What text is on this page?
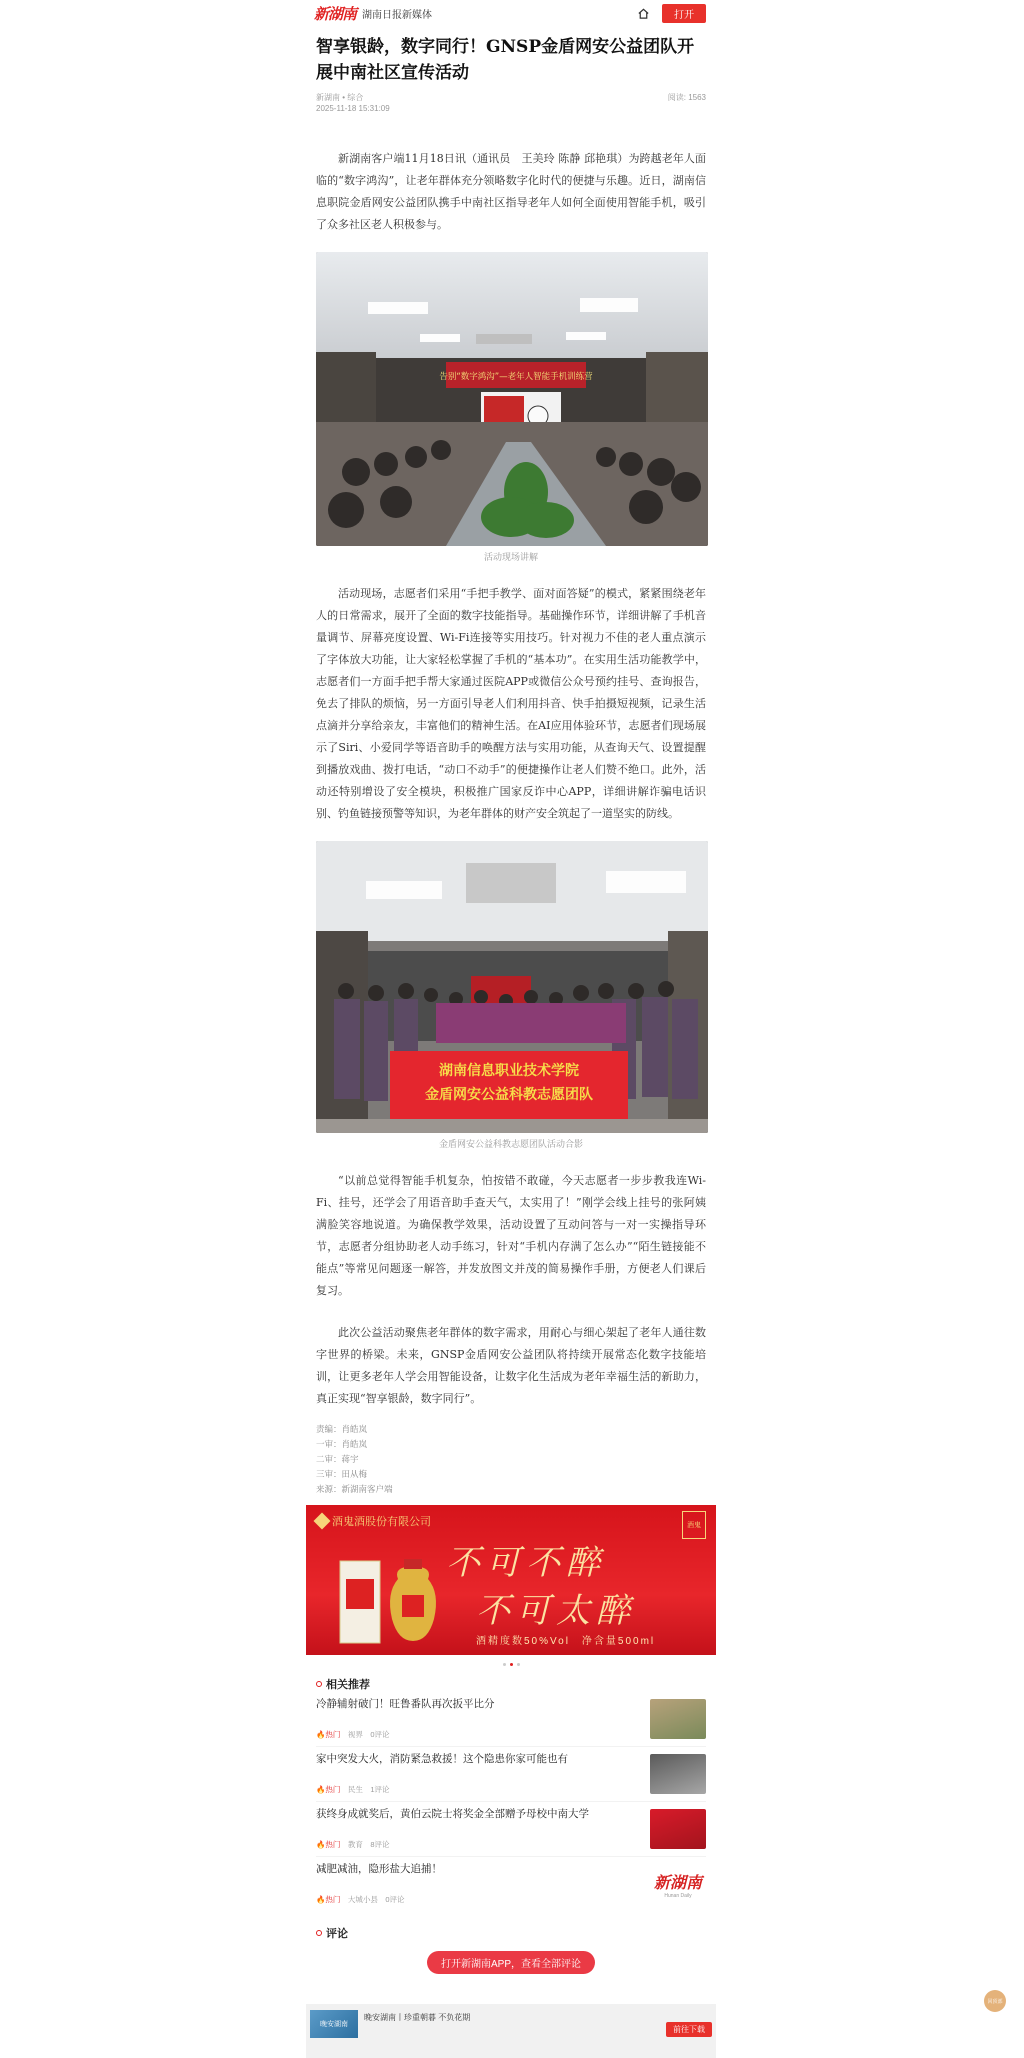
新湖南 湖南日报新媒体	打开
智享银龄，数字同行！GNSP金盾网安公益团队开展中南社区宣传活动
新湖南 • 综合
2025-11-18 15:31:09
阅读: 1563

新湖南客户端11月18日讯（通讯员　王美玲 陈静 邱艳琪）为跨越老年人面临的“数字鸿沟”，让老年群体充分领略数字化时代的便捷与乐趣。近日，湖南信息职院金盾网安公益团队携手中南社区指导老年人如何全面使用智能手机，吸引了众多社区老人积极参与。

告别“数字鸿沟”—老年人智能手机训练营
活动现场讲解

活动现场，志愿者们采用“手把手教学、面对面答疑”的模式，紧紧围绕老年人的日常需求，展开了全面的数字技能指导。基础操作环节，详细讲解了手机音量调节、屏幕亮度设置、Wi-Fi连接等实用技巧。针对视力不佳的老人重点演示了字体放大功能，让大家轻松掌握了手机的“基本功”。在实用生活功能教学中，志愿者们一方面手把手帮大家通过医院APP或微信公众号预约挂号、查询报告，免去了排队的烦恼，另一方面引导老人们利用抖音、快手拍摄短视频，记录生活点滴并分享给亲友，丰富他们的精神生活。在AI应用体验环节，志愿者们现场展示了Siri、小爱同学等语音助手的唤醒方法与实用功能，从查询天气、设置提醒到播放戏曲、拨打电话，“动口不动手”的便捷操作让老人们赞不绝口。此外，活动还特别增设了安全模块，积极推广国家反诈中心APP，详细讲解诈骗电话识别、钓鱼链接预警等知识，为老年群体的财产安全筑起了一道坚实的防线。

湖南信息职业技术学院
金盾网安公益科教志愿团队
金盾网安公益科教志愿团队活动合影

“以前总觉得智能手机复杂，怕按错不敢碰，今天志愿者一步步教我连Wi-Fi、挂号，还学会了用语音助手查天气，太实用了！”刚学会线上挂号的张阿姨满脸笑容地说道。为确保教学效果，活动设置了互动问答与一对一实操指导环节，志愿者分组协助老人动手练习，针对“手机内存满了怎么办”“陌生链接能不能点”等常见问题逐一解答，并发放图文并茂的简易操作手册，方便老人们课后复习。

此次公益活动聚焦老年群体的数字需求，用耐心与细心架起了老年人通往数字世界的桥梁。未来，GNSP金盾网安公益团队将持续开展常态化数字技能培训，让更多老年人学会用智能设备，让数字化生活成为老年幸福生活的新助力，真正实现“智享银龄，数字同行”。

责编：肖皓岚
一审：肖皓岚
二审：蒋宇
三审：田从梅
来源：新湖南客户端
酒鬼酒股份有限公司	酒鬼
不可不醉
不可太醉
酒精度数50%Vol　净含量500ml
相关推荐
冷静辅射破门！旺鲁番队再次扳平比分
🔥热门　 视界　 0评论
家中突发大火，消防紧急救援！这个隐患你家可能也有
🔥热门　 民生　 1评论
获终身成就奖后，黄伯云院士将奖金全部赠予母校中南大学
🔥热门　 教育　 8评论
减肥减油，隐形盐大追捕！
🔥热门　 大城小县　 0评论
新湖南
Hunan Daily
评论
打开新湖南APP，查看全部评论
晚安湖南
晚安湖南丨珍重朝暮 不负花期
前往下载
回顶部
